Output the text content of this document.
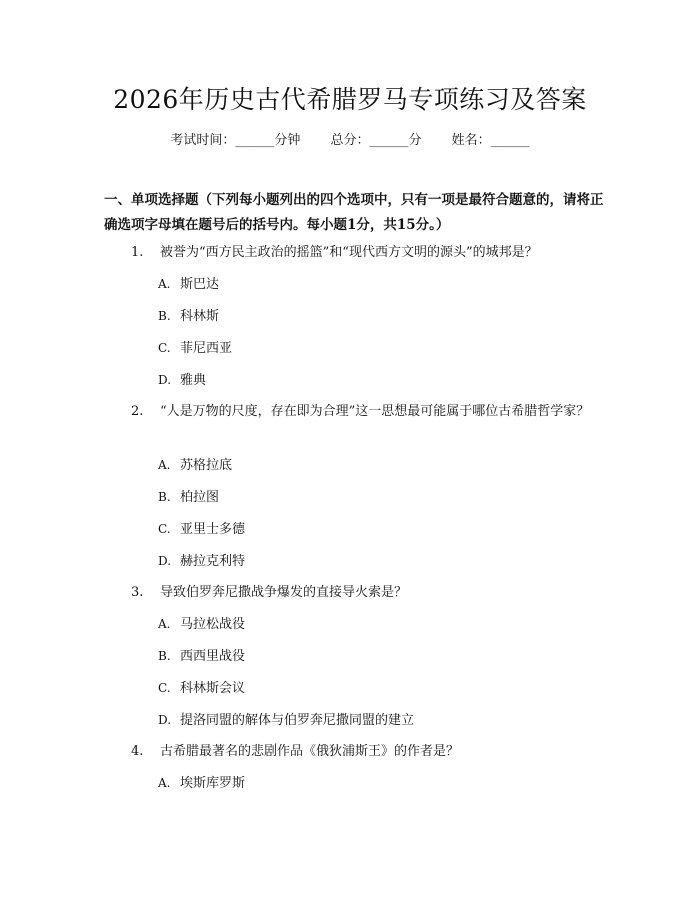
2026年历史古代希腊罗马专项练习及答案
考试时间：______分钟 总分：______分 姓名：______
一、单项选择题（下列每小题列出的四个选项中，只有一项是最符合题意的，请将正确选项字母填在题号后的括号内。每小题1分，共15分。）
1. 被誉为“西方民主政治的摇篮”和“现代西方文明的源头”的城邦是？
A. 斯巴达
B. 科林斯
C. 菲尼西亚
D. 雅典
2. “人是万物的尺度，存在即为合理”这一思想最可能属于哪位古希腊哲学家？
A. 苏格拉底
B. 柏拉图
C. 亚里士多德
D. 赫拉克利特
3. 导致伯罗奔尼撒战争爆发的直接导火索是？
A. 马拉松战役
B. 西西里战役
C. 科林斯会议
D. 提洛同盟的解体与伯罗奔尼撒同盟的建立
4. 古希腊最著名的悲剧作品《俄狄浦斯王》的作者是？
A. 埃斯库罗斯
